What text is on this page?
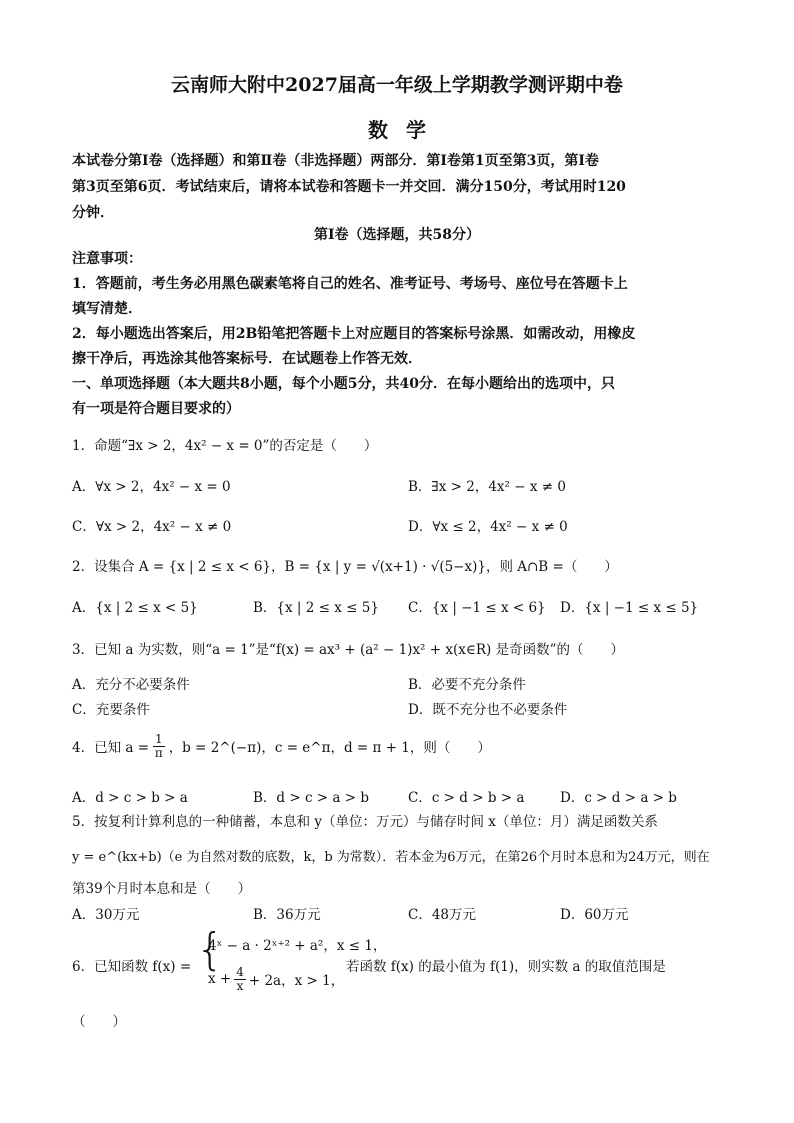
云南师大附中2027届高一年级上学期教学测评期中卷
数学
本试卷分第Ⅰ卷（选择题）和第Ⅱ卷（非选择题）两部分．第Ⅰ卷第1页至第3页，第Ⅰ卷
第3页至第6页．考试结束后，请将本试卷和答题卡一并交回．满分150分，考试用时120
分钟．
第Ⅰ卷（选择题，共58分）
注意事项：
1．答题前，考生务必用黑色碳素笔将自己的姓名、准考证号、考场号、座位号在答题卡上
填写清楚．
2．每小题选出答案后，用2B铅笔把答题卡上对应题目的答案标号涂黑．如需改动，用橡皮
擦干净后，再选涂其他答案标号．在试题卷上作答无效．
一、单项选择题（本大题共8小题，每个小题5分，共40分．在每小题给出的选项中，只
有一项是符合题目要求的）
1．命题“∃x > 2，4x² − x = 0”的否定是（　　）
A．∀x > 2，4x² − x = 0	B．∃x > 2，4x² − x ≠ 0
C．∀x > 2，4x² − x ≠ 0	D．∀x ≤ 2，4x² − x ≠ 0
2．设集合 A = {x | 2 ≤ x < 6}，B = {x | y = √(x+1) · √(5−x)}，则 A∩B =（　　）
A．{x | 2 ≤ x < 5}	B．{x | 2 ≤ x ≤ 5} C．{x | −1 ≤ x < 6} D．{x | −1 ≤ x ≤ 5}
3．已知 a 为实数，则“a = 1”是“f(x) = ax³ + (a² − 1)x² + x(x∈R) 是奇函数”的（　　）
A．充分不必要条件	B．必要不充分条件
C．充要条件	D．既不充分也不必要条件
4．已知 $a = \frac{1}{\pi}$ ，b = 2^(−π)，c = e^π，d = π + 1，则（　　）
A．d > c > b > a	B．d > c > a > b	C．c > d > b > a	D．c > d > a > b
5．按复利计算利息的一种储蓄，本息和 y（单位：万元）与储存时间 x（单位：月）满足函数关系
y = e^(kx+b)（e 为自然对数的底数，k，b 为常数）．若本金为6万元，在第26个月时本息和为24万元，则在
第39个月时本息和是（　　）
A．30万元	B．36万元	C．48万元	D．60万元
6．已知函数 f(x) = {
4ˣ − a · 2ˣ⁺² + a²，x ≤ 1，
$x + \frac{4}{x} + 2a$，x > 1，
若函数 f(x) 的最小值为 f(1)，则实数 a 的取值范围是
（　　）
